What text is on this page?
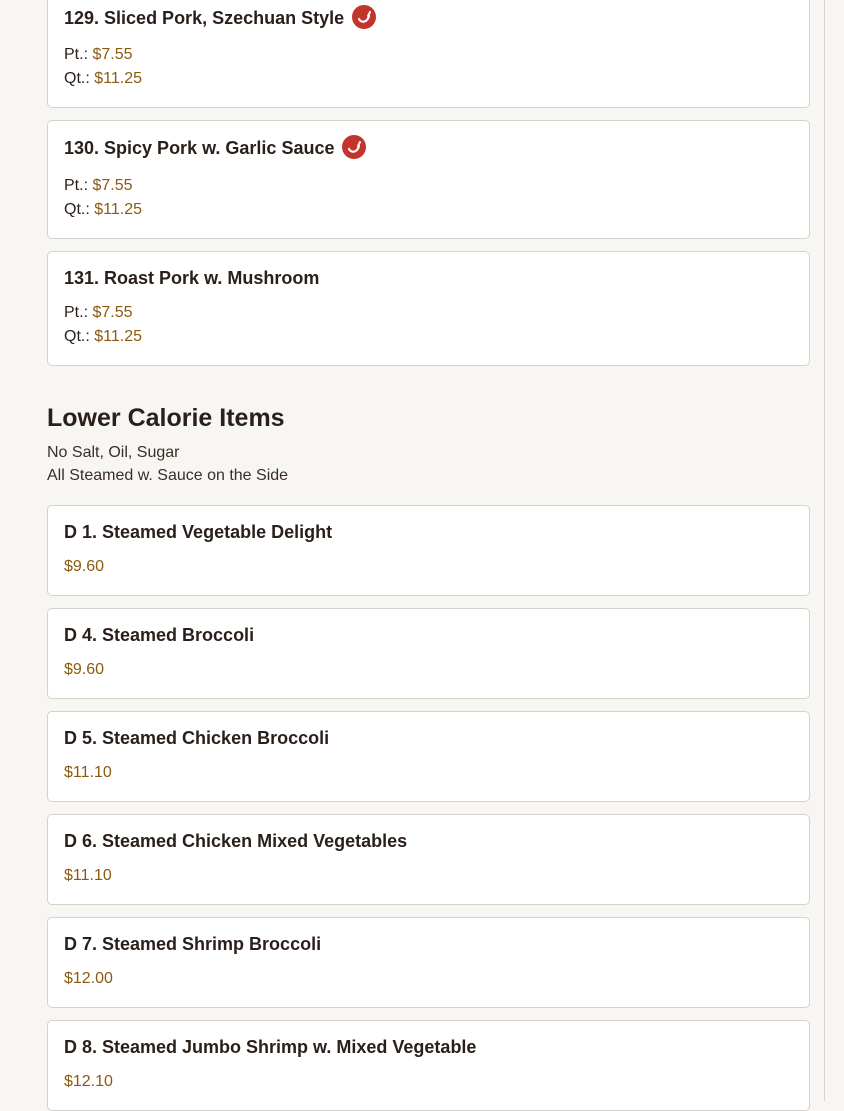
129. Sliced Pork, Szechuan Style
Pt.: $7.55
Qt.: $11.25
130. Spicy Pork w. Garlic Sauce
Pt.: $7.55
Qt.: $11.25
131. Roast Pork w. Mushroom
Pt.: $7.55
Qt.: $11.25
Lower Calorie Items
No Salt, Oil, Sugar
All Steamed w. Sauce on the Side
D 1. Steamed Vegetable Delight
$9.60
D 4. Steamed Broccoli
$9.60
D 5. Steamed Chicken Broccoli
$11.10
D 6. Steamed Chicken Mixed Vegetables
$11.10
D 7. Steamed Shrimp Broccoli
$12.00
D 8. Steamed Jumbo Shrimp w. Mixed Vegetable
$12.10
